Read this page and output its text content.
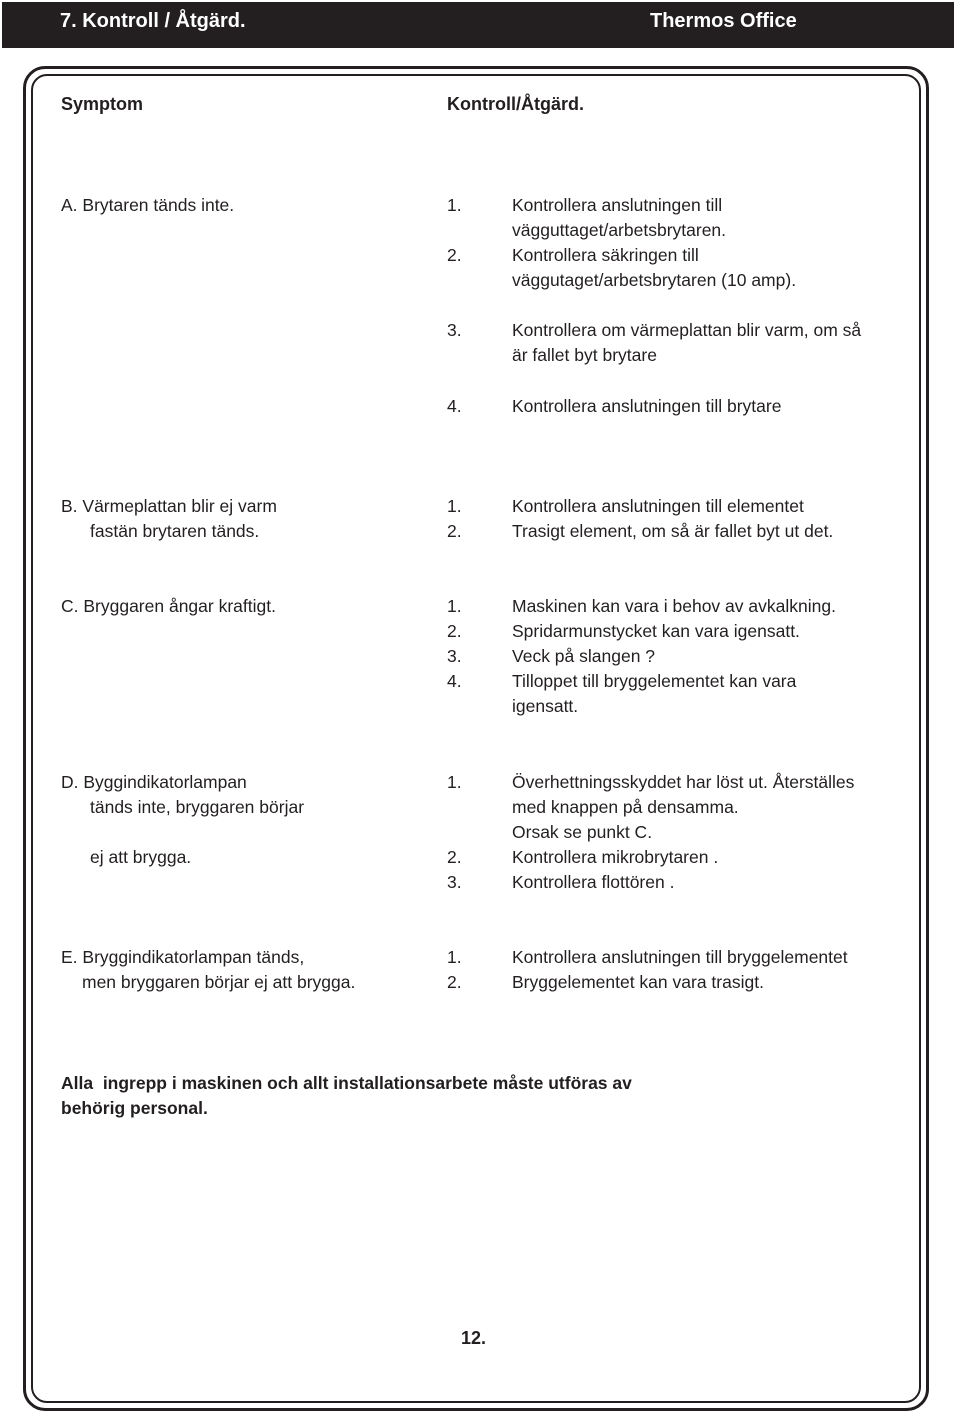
7. Kontroll / Åtgärd.	Thermos Office
Symptom	Kontroll/Åtgärd.
A. Brytaren tänds inte.	1.	Kontrollera anslutningen till
vägguttaget/arbetsbrytaren.
2.	Kontrollera säkringen till
väggutaget/arbetsbrytaren (10 amp).
3.	Kontrollera om värmeplattan blir varm, om så
är fallet byt brytare
4.	Kontrollera anslutningen till brytare
B. Värmeplattan blir ej varm
fastän brytaren tänds.
1.	Kontrollera anslutningen till elementet
2.	Trasigt element, om så är fallet byt ut det.
C. Bryggaren ångar kraftigt.	1.	Maskinen kan vara i behov av avkalkning.
2.	Spridarmunstycket kan vara igensatt.
3.	Veck på slangen ?
4.	Tilloppet till bryggelementet kan vara
igensatt.
D. Byggindikatorlampan
tänds inte, bryggaren börjar
ej att brygga.
1.	Överhettningsskyddet har löst ut. Återställes
med knappen på densamma.
Orsak se punkt C.
2.	Kontrollera mikrobrytaren .
3.	Kontrollera flottören .
E. Bryggindikatorlampan tänds,
men bryggaren börjar ej att brygga.
1.	Kontrollera anslutningen till bryggelementet
2.	Bryggelementet kan vara trasigt.
Alla  ingrepp i maskinen och allt installationsarbete måste utföras av
behörig personal.
12.
